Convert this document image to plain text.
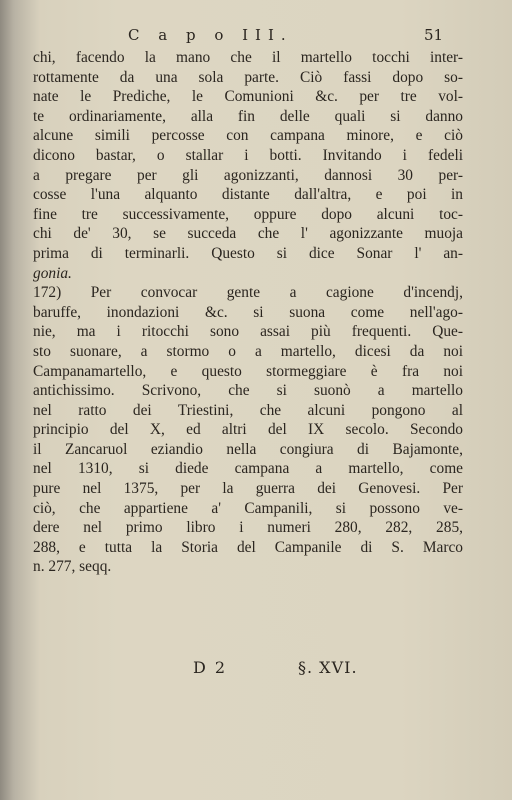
C a p o III.	51
chi, facendo la mano che il martello tocchi inter-
rottamente da una sola parte. Ciò fassi dopo so-
nate le Prediche, le Comunioni &c. per tre vol-
te ordinariamente, alla fin delle quali si danno
alcune simili percosse con campana minore, e ciò
dicono bastar, o stallar i botti. Invitando i fedeli
a pregare per gli agonizzanti, dannosi 30 per-
cosse l'una alquanto distante dall'altra, e poi in
fine tre successivamente, oppure dopo alcuni toc-
chi de' 30, se succeda che l' agonizzante muoja
prima di terminarli. Questo si dice Sonar l' an-
gonia.
172) Per convocar gente a cagione d'incendj,
baruffe, inondazioni &c. si suona come nell'ago-
nie, ma i ritocchi sono assai più frequenti. Que-
sto suonare, a stormo o a martello, dicesi da noi
Campanamartello, e questo stormeggiare è fra noi
antichissimo. Scrivono, che si suonò a martello
nel ratto dei Triestini, che alcuni pongono al
principio del X, ed altri del IX secolo. Secondo
il Zancaruol eziandio nella congiura di Bajamonte,
nel 1310, si diede campana a martello, come
pure nel 1375, per la guerra dei Genovesi. Per
ciò, che appartiene a' Campanili, si possono ve-
dere nel primo libro i numeri 280, 282, 285,
288, e tutta la Storia del Campanile di S. Marco
n. 277, seqq.
D 2	§. XVI.
